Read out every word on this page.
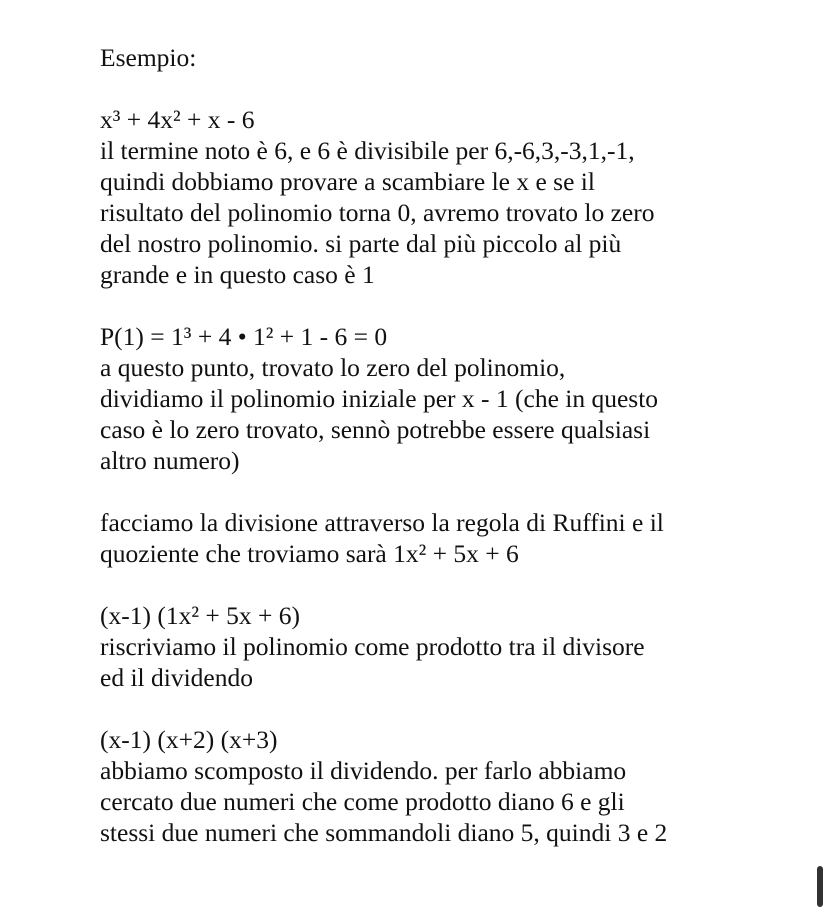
Esempio:
x³ + 4x² + x - 6
il termine noto è 6, e 6 è divisibile per 6,-6,3,-3,1,-1,
quindi dobbiamo provare a scambiare le x e se il
risultato del polinomio torna 0, avremo trovato lo zero
del nostro polinomio. si parte dal più piccolo al più
grande e in questo caso è 1
P(1) = 1³ + 4 • 1² + 1 - 6 = 0
a questo punto, trovato lo zero del polinomio,
dividiamo il polinomio iniziale per x - 1 (che in questo
caso è lo zero trovato, sennò potrebbe essere qualsiasi
altro numero)
facciamo la divisione attraverso la regola di Ruffini e il
quoziente che troviamo sarà 1x² + 5x + 6
(x-1) (1x² + 5x + 6)
riscriviamo il polinomio come prodotto tra il divisore
ed il dividendo
(x-1) (x+2) (x+3)
abbiamo scomposto il dividendo. per farlo abbiamo
cercato due numeri che come prodotto diano 6 e gli
stessi due numeri che sommandoli diano 5, quindi 3 e 2
